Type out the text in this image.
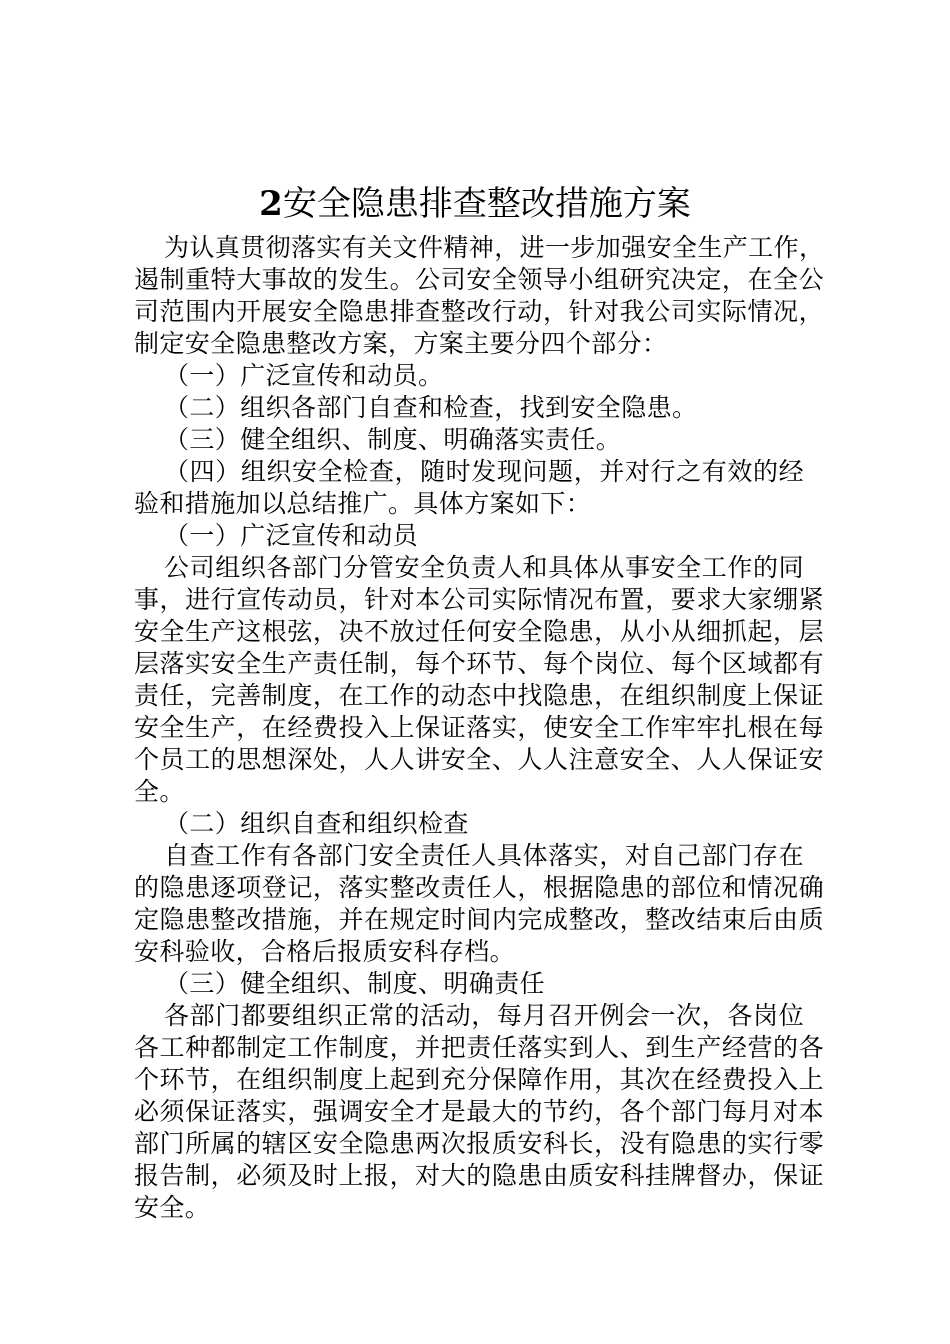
2安全隐患排查整改措施方案
为认真贯彻落实有关文件精神，进一步加强安全生产工作，
遏制重特大事故的发生。公司安全领导小组研究决定，在全公
司范围内开展安全隐患排查整改行动，针对我公司实际情况，
制定安全隐患整改方案，方案主要分四个部分：
（一）广泛宣传和动员。
（二）组织各部门自查和检查，找到安全隐患。
（三）健全组织、制度、明确落实责任。
（四）组织安全检查，随时发现问题，并对行之有效的经
验和措施加以总结推广。具体方案如下：
（一）广泛宣传和动员
公司组织各部门分管安全负责人和具体从事安全工作的同
事，进行宣传动员，针对本公司实际情况布置，要求大家绷紧
安全生产这根弦，决不放过任何安全隐患，从小从细抓起，层
层落实安全生产责任制，每个环节、每个岗位、每个区域都有
责任，完善制度，在工作的动态中找隐患，在组织制度上保证
安全生产，在经费投入上保证落实，使安全工作牢牢扎根在每
个员工的思想深处，人人讲安全、人人注意安全、人人保证安
全。
（二）组织自查和组织检查
自查工作有各部门安全责任人具体落实，对自己部门存在
的隐患逐项登记，落实整改责任人，根据隐患的部位和情况确
定隐患整改措施，并在规定时间内完成整改，整改结束后由质
安科验收，合格后报质安科存档。
（三）健全组织、制度、明确责任
各部门都要组织正常的活动，每月召开例会一次，各岗位
各工种都制定工作制度，并把责任落实到人、到生产经营的各
个环节，在组织制度上起到充分保障作用，其次在经费投入上
必须保证落实，强调安全才是最大的节约，各个部门每月对本
部门所属的辖区安全隐患两次报质安科长，没有隐患的实行零
报告制，必须及时上报，对大的隐患由质安科挂牌督办，保证
安全。
